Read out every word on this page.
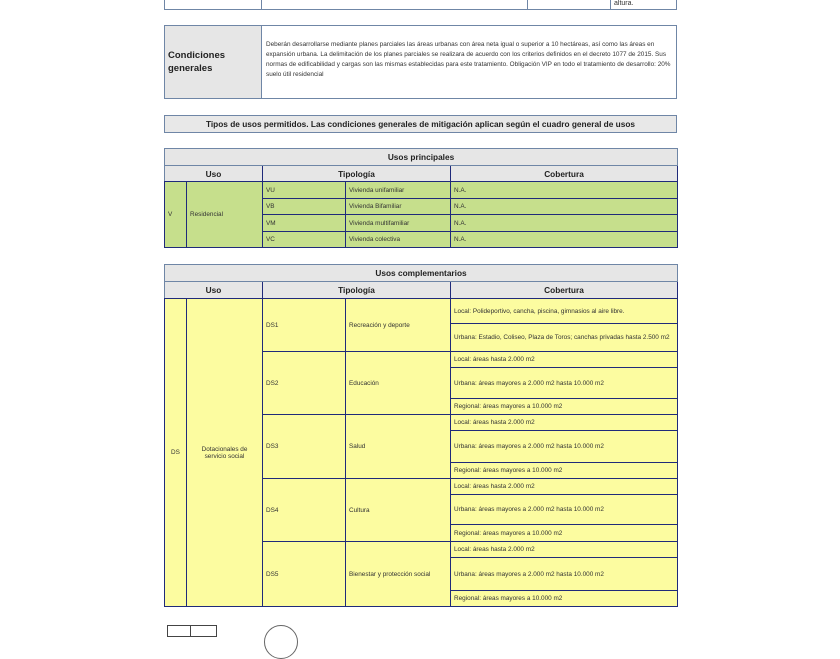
altura.
Condiciones generales
Deberán desarrollarse mediante planes parciales las áreas urbanas con área neta igual o superior a 10 hectáreas, así como las áreas en expansión urbana. La delimitación de los planes parciales se realizara de acuerdo con los criterios definidos en el decreto 1077 de 2015. Sus normas de edificabilidad y cargas son las mismas establecidas para este tratamiento. Obligación VIP en todo el tratamiento de desarrollo: 20% suelo útil residencial
Tipos de usos permitidos. Las condiciones generales de mitigación aplican según el cuadro general de usos
Usos principales				
Uso		Tipología		Cobertura
V	Residencial	VU	Vivienda unifamiliar	N.A.
		VB	Vivienda Bifamiliar	N.A.
		VM	Vivienda multifamiliar	N.A.
		VC	Vivienda colectiva	N.A.
Usos complementarios				
Uso		Tipología		Cobertura
DS	Dotacionales de servicio social	DS1	Recreación y deporte	Local: Polideportivo, cancha, piscina, gimnasios al aire libre.
				Urbana: Estadio, Coliseo, Plaza de Toros; canchas privadas hasta 2.500 m2
		DS2	Educación	Local: áreas hasta 2.000 m2
				Urbana: áreas mayores a 2.000 m2 hasta 10.000 m2
				Regional: áreas mayores a 10.000 m2
		DS3	Salud	Local: áreas hasta 2.000 m2
				Urbana: áreas mayores a 2.000 m2 hasta 10.000 m2
				Regional: áreas mayores a 10.000 m2
		DS4	Cultura	Local: áreas hasta 2.000 m2
				Urbana: áreas mayores a 2.000 m2 hasta 10.000 m2
				Regional: áreas mayores a 10.000 m2
		DS5	Bienestar y protección social	Local: áreas hasta 2.000 m2
				Urbana: áreas mayores a 2.000 m2 hasta 10.000 m2
				Regional: áreas mayores a 10.000 m2
